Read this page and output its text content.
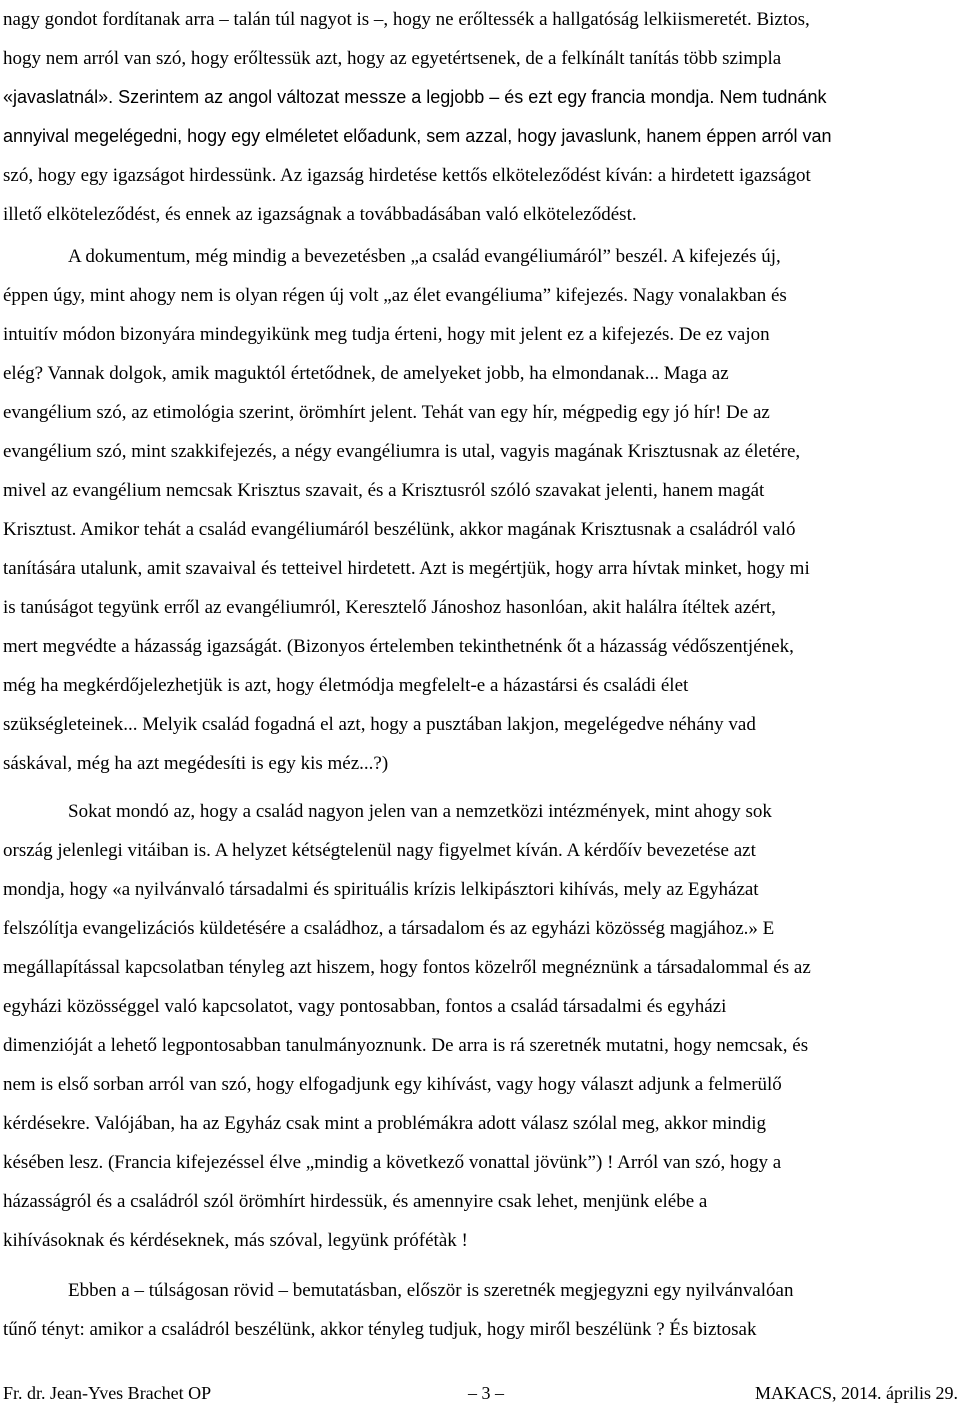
nagy gondot fordítanak arra – talán túl nagyot is –, hogy ne erőltessék a hallgatóság lelkiismeretét. Biztos,
hogy nem arról van szó, hogy erőltessük azt, hogy az egyetértsenek, de a felkínált tanítás több szimpla
«javaslatnál». Szerintem az angol változat messze a legjobb – és ezt egy francia mondja. Nem tudnánk
annyival megelégedni, hogy egy elméletet előadunk, sem azzal, hogy javaslunk, hanem éppen arról van
szó, hogy egy igazságot hirdessünk. Az igazság hirdetése kettős elköteleződést kíván: a hirdetett igazságot
illető elköteleződést, és ennek az igazságnak a továbbadásában való elköteleződést.
A dokumentum, még mindig a bevezetésben „a család evangéliumáról” beszél. A kifejezés új,
éppen úgy, mint ahogy nem is olyan régen új volt „az élet evangéliuma” kifejezés. Nagy vonalakban és
intuitív módon bizonyára mindegyikünk meg tudja érteni, hogy mit jelent ez a kifejezés. De ez vajon
elég? Vannak dolgok, amik maguktól értetődnek, de amelyeket jobb, ha elmondanak... Maga az
evangélium szó, az etimológia szerint, örömhírt jelent. Tehát van egy hír, mégpedig egy jó hír! De az
evangélium szó, mint szakkifejezés, a négy evangéliumra is utal, vagyis magának Krisztusnak az életére,
mivel az evangélium nemcsak Krisztus szavait, és a Krisztusról szóló szavakat jelenti, hanem magát
Krisztust. Amikor tehát a család evangéliumáról beszélünk, akkor magának Krisztusnak a családról való
tanítására utalunk, amit szavaival és tetteivel hirdetett. Azt is megértjük, hogy arra hívtak minket, hogy mi
is tanúságot tegyünk erről az evangéliumról, Keresztelő Jánoshoz hasonlóan, akit halálra ítéltek azért,
mert megvédte a házasság igazságát. (Bizonyos értelemben tekinthetnénk őt a házasság védőszentjének,
még ha megkérdőjelezhetjük is azt, hogy életmódja megfelelt-e a házastársi és családi élet
szükségleteinek... Melyik család fogadná el azt, hogy a pusztában lakjon, megelégedve néhány vad
sáskával, még ha azt megédesíti is egy kis méz...?)
Sokat mondó az, hogy a család nagyon jelen van a nemzetközi intézmények, mint ahogy sok
ország jelenlegi vitáiban is. A helyzet kétségtelenül nagy figyelmet kíván. A kérdőív bevezetése azt
mondja, hogy «a nyilvánvaló társadalmi és spirituális krízis lelkipásztori kihívás, mely az Egyházat
felszólítja evangelizációs küldetésére a családhoz, a társadalom és az egyházi közösség magjához.» E
megállapítással kapcsolatban tényleg azt hiszem, hogy fontos közelről megnéznünk a társadalommal és az
egyházi közösséggel való kapcsolatot, vagy pontosabban, fontos a család társadalmi és egyházi
dimenzióját a lehető legpontosabban tanulmányoznunk. De arra is rá szeretnék mutatni, hogy nemcsak, és
nem is első sorban arról van szó, hogy elfogadjunk egy kihívást, vagy hogy választ adjunk a felmerülő
kérdésekre. Valójában, ha az Egyház csak mint a problémákra adott válasz szólal meg, akkor mindig
késében lesz. (Francia kifejezéssel élve „mindig a következő vonattal jövünk”) ! Arról van szó, hogy a
házasságról és a családról szól örömhírt hirdessük, és amennyire csak lehet, menjünk elébe a
kihívásoknak és kérdéseknek, más szóval, legyünk prófétàk !
Ebben a – túlságosan rövid – bemutatásban, először is szeretnék megjegyzni egy nyilvánvalóan
tűnő tényt: amikor a családról beszélünk, akkor tényleg tudjuk, hogy miről beszélünk ? És biztosak
Fr. dr. Jean-Yves Brachet OP	– 3 –	MAKACS, 2014. április 29.
